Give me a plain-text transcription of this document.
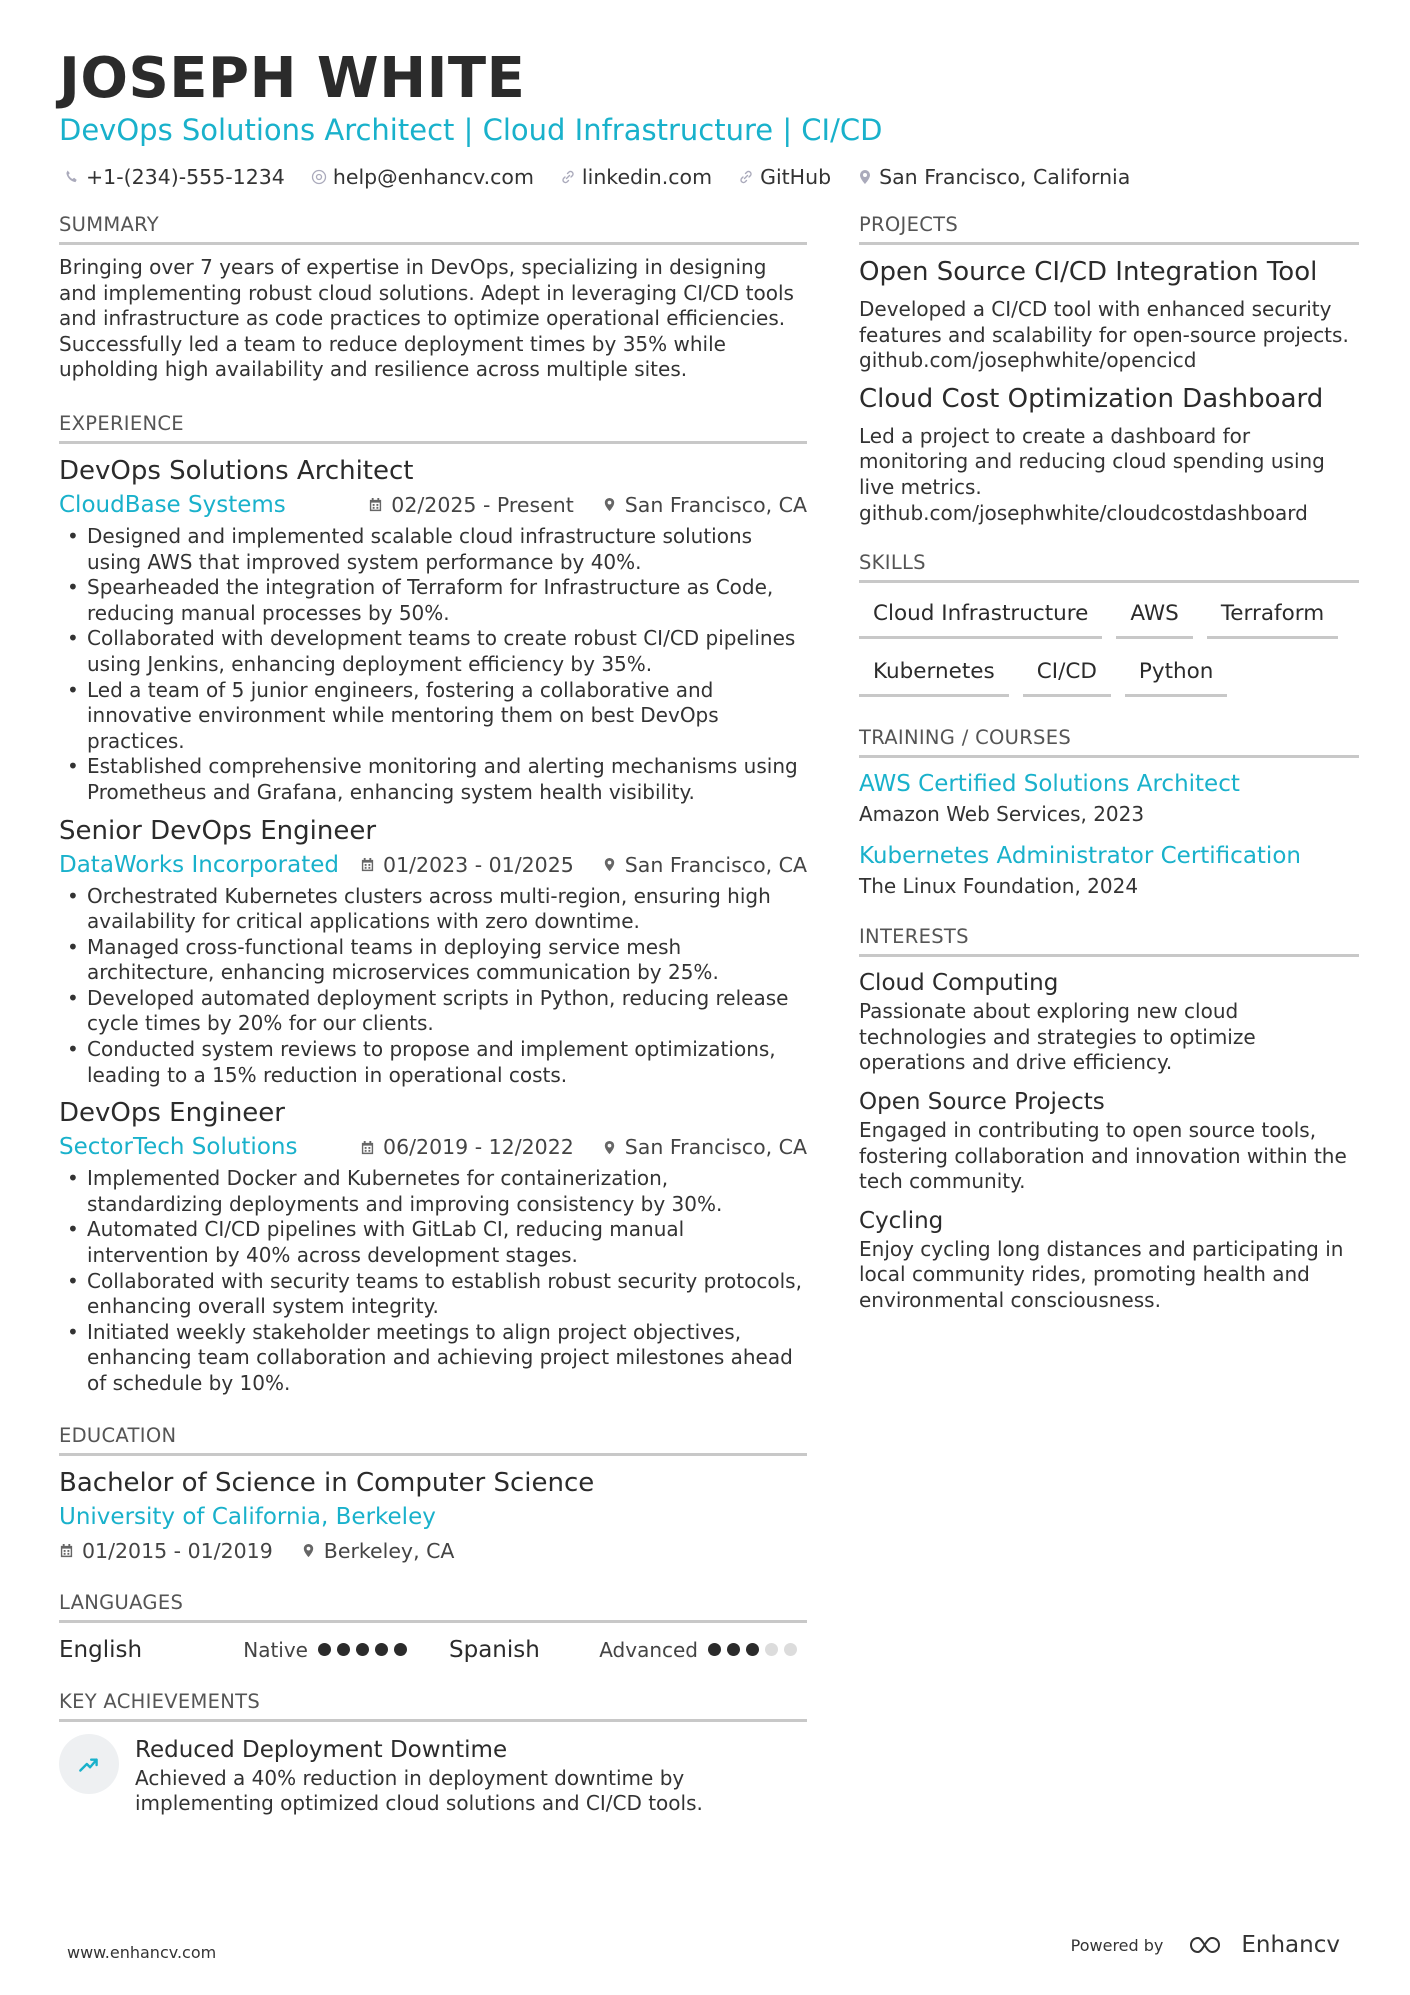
JOSEPH WHITE
DevOps Solutions Architect | Cloud Infrastructure | CI/CD
+1-(234)-555-1234 help@enhancv.com linkedin.com GitHub San Francisco, California
SUMMARY
Bringing over 7 years of expertise in DevOps, specializing in designing and implementing robust cloud solutions. Adept in leveraging CI/CD tools and infrastructure as code practices to optimize operational efficiencies. Successfully led a team to reduce deployment times by 35% while upholding high availability and resilience across multiple sites.
EXPERIENCE
DevOps Solutions Architect
CloudBase Systems	02/2025 - Present San Francisco, CA
• Designed and implemented scalable cloud infrastructure solutions using AWS that improved system performance by 40%.
• Spearheaded the integration of Terraform for Infrastructure as Code, reducing manual processes by 50%.
• Collaborated with development teams to create robust CI/CD pipelines using Jenkins, enhancing deployment efficiency by 35%.
• Led a team of 5 junior engineers, fostering a collaborative and innovative environment while mentoring them on best DevOps practices.
• Established comprehensive monitoring and alerting mechanisms using Prometheus and Grafana, enhancing system health visibility.
Senior DevOps Engineer
DataWorks Incorporated 01/2023 - 01/2025 San Francisco, CA
• Orchestrated Kubernetes clusters across multi-region, ensuring high availability for critical applications with zero downtime.
• Managed cross-functional teams in deploying service mesh architecture, enhancing microservices communication by 25%.
• Developed automated deployment scripts in Python, reducing release cycle times by 20% for our clients.
• Conducted system reviews to propose and implement optimizations, leading to a 15% reduction in operational costs.
DevOps Engineer
SectorTech Solutions	06/2019 - 12/2022 San Francisco, CA
• Implemented Docker and Kubernetes for containerization, standardizing deployments and improving consistency by 30%.
• Automated CI/CD pipelines with GitLab CI, reducing manual intervention by 40% across development stages.
• Collaborated with security teams to establish robust security protocols, enhancing overall system integrity.
• Initiated weekly stakeholder meetings to align project objectives, enhancing team collaboration and achieving project milestones ahead of schedule by 10%.
EDUCATION
Bachelor of Science in Computer Science
University of California, Berkeley
01/2015 - 01/2019 Berkeley, CA
LANGUAGES
English	Native	Spanish	Advanced
KEY ACHIEVEMENTS
Reduced Deployment Downtime
Achieved a 40% reduction in deployment downtime by implementing optimized cloud solutions and CI/CD tools.
PROJECTS
Open Source CI/CD Integration Tool
Developed a CI/CD tool with enhanced security features and scalability for open-source projects.
github.com/josephwhite/opencicd
Cloud Cost Optimization Dashboard
Led a project to create a dashboard for monitoring and reducing cloud spending using live metrics.
github.com/josephwhite/cloudcostdashboard
SKILLS
Cloud Infrastructure	AWS	Terraform
Kubernetes	CI/CD	Python
TRAINING / COURSES
AWS Certified Solutions Architect
Amazon Web Services, 2023
Kubernetes Administrator Certification
The Linux Foundation, 2024
INTERESTS
Cloud Computing
Passionate about exploring new cloud technologies and strategies to optimize operations and drive efficiency.
Open Source Projects
Engaged in contributing to open source tools, fostering collaboration and innovation within the tech community.
Cycling
Enjoy cycling long distances and participating in local community rides, promoting health and environmental consciousness.
www.enhancv.com	Powered by	Enhancv
